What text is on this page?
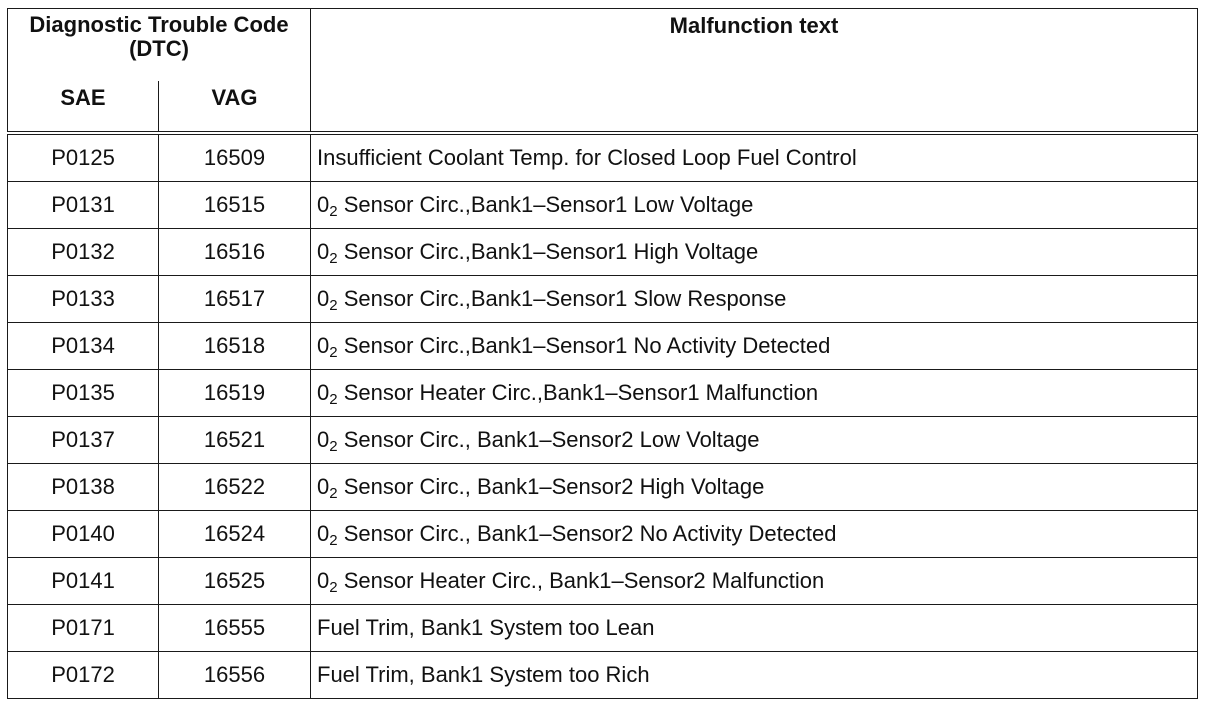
Diagnostic Trouble Code (DTC)		Malfunction text
SAE	VAG	
P0125	16509	Insufficient Coolant Temp. for Closed Loop Fuel Control
P0131	16515	$0_2$ Sensor Circ.,Bank1–Sensor1 Low Voltage
P0132	16516	$0_2$ Sensor Circ.,Bank1–Sensor1 High Voltage
P0133	16517	$0_2$ Sensor Circ.,Bank1–Sensor1 Slow Response
P0134	16518	$0_2$ Sensor Circ.,Bank1–Sensor1 No Activity Detected
P0135	16519	$0_2$ Sensor Heater Circ.,Bank1–Sensor1 Malfunction
P0137	16521	$0_2$ Sensor Circ., Bank1–Sensor2 Low Voltage
P0138	16522	$0_2$ Sensor Circ., Bank1–Sensor2 High Voltage
P0140	16524	$0_2$ Sensor Circ., Bank1–Sensor2 No Activity Detected
P0141	16525	$0_2$ Sensor Heater Circ., Bank1–Sensor2 Malfunction
P0171	16555	Fuel Trim, Bank1 System too Lean
P0172	16556	Fuel Trim, Bank1 System too Rich
